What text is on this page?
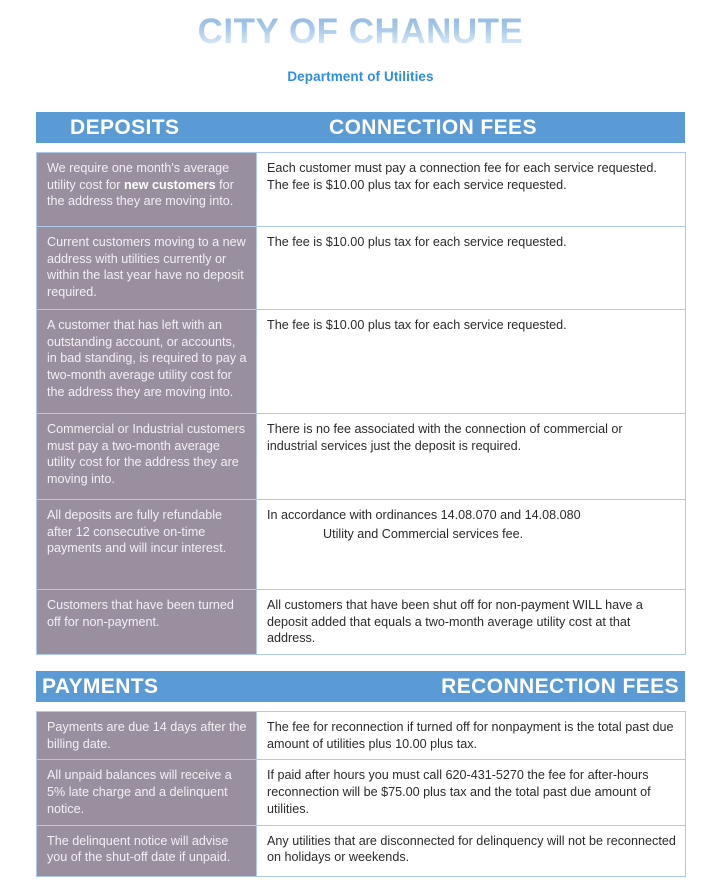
CITY OF CHANUTE
Department of Utilities
DEPOSITS	CONNECTION FEES
We require one month's average utility cost for new customers for the address they are moving into.	Each customer must pay a connection fee for each service requested. The fee is $10.00 plus tax for each service requested.
Current customers moving to a new address with utilities currently or within the last year have no deposit required.	The fee is $10.00 plus tax for each service requested.
A customer that has left with an outstanding account, or accounts, in bad standing, is required to pay a two-month average utility cost for the address they are moving into.	The fee is $10.00 plus tax for each service requested.
Commercial or Industrial customers must pay a two-month average utility cost for the address they are moving into.	There is no fee associated with the connection of commercial or industrial services just the deposit is required.
All deposits are fully refundable after 12 consecutive on-time payments and will incur interest.	In accordance with ordinances 14.08.070 and 14.08.080
Utility and Commercial services fee.

Customers that have been turned off for non-payment.	All customers that have been shut off for non-payment WILL have a deposit added that equals a two-month average utility cost at that address.
PAYMENTS	RECONNECTION FEES
Payments are due 14 days after the billing date.	The fee for reconnection if turned off for nonpayment is the total past due amount of utilities plus 10.00 plus tax.
All unpaid balances will receive a 5% late charge and a delinquent notice.	If paid after hours you must call 620-431-5270 the fee for after-hours reconnection will be $75.00 plus tax and the total past due amount of utilities.
The delinquent notice will advise you of the shut-off date if unpaid.	Any utilities that are disconnected for delinquency will not be reconnected on holidays or weekends.
